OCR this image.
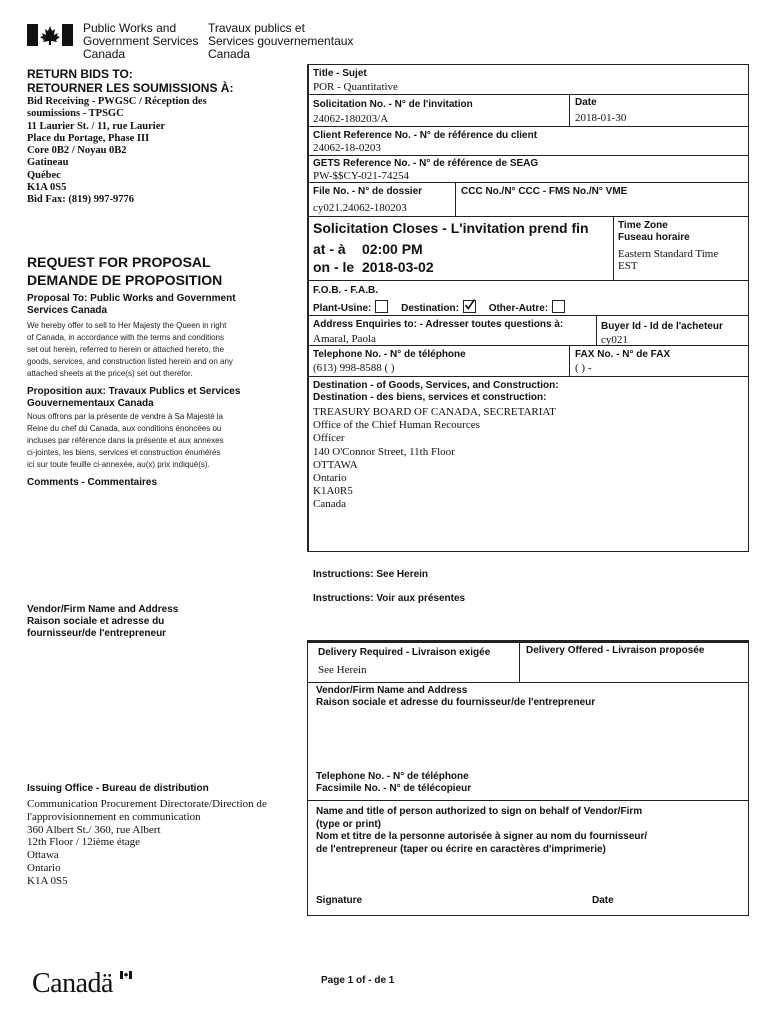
Public Works and
Government Services
Canada
Travaux publics et
Services gouvernementaux
Canada
RETURN BIDS TO:
RETOURNER LES SOUMISSIONS À:
Bid Receiving - PWGSC / Réception des
soumissions - TPSGC
11 Laurier St. / 11, rue Laurier
Place du Portage, Phase III
Core 0B2 / Noyau 0B2
Gatineau
Québec
K1A 0S5
Bid Fax: (819) 997-9776
REQUEST FOR PROPOSAL
DEMANDE DE PROPOSITION
Proposal To: Public Works and Government
Services Canada
We hereby offer to sell to Her Majesty the Queen in right
of Canada, in accordance with the terms and conditions
set out herein, referred to herein or attached hereto, the
goods, services, and construction listed herein and on any
attached sheets at the price(s) set out therefor.
Proposition aux: Travaux Publics et Services
Gouvernementaux Canada
Nous offrons par la présente de vendre à Sa Majesté la
Reine du chef du Canada, aux conditions énoncées ou
incluses par référence dans la présente et aux annexes
ci-jointes, les biens, services et construction énumérés
ici sur toute feuille ci-annexée, au(x) prix indiqué(s).
Comments - Commentaires
Title - Sujet
POR - Quantitative
Solicitation No. - N° de l'invitation
24062-180203/A
Date
2018-01-30
Client Reference No. - N° de référence du client
24062-18-0203
GETS Reference No. - N° de référence de SEAG
PW-$$CY-021-74254
File No. - N° de dossier
cy021.24062-180203
CCC No./N° CCC - FMS No./N° VME
Solicitation Closes - L'invitation prend fin
at - à 02:00 PM
on - le 2018-03-02
Time Zone
Fuseau horaire
Eastern Standard Time
EST
F.O.B. - F.A.B.
Plant-Usine:	Destination:	Other-Autre:
Address Enquiries to: - Adresser toutes questions à:
Amaral, Paola
Buyer Id - Id de l'acheteur
cy021
Telephone No. - N° de téléphone
(613) 998-8588 ( )
FAX No. - N° de FAX
( ) -
Destination - of Goods, Services, and Construction:
Destination - des biens, services et construction:
TREASURY BOARD OF CANADA, SECRETARIAT
Office of the Chief Human Recources
Officer
140 O'Connor Street, 11th Floor
OTTAWA
Ontario
K1A0R5
Canada
Instructions: See Herein
Instructions: Voir aux présentes
Vendor/Firm Name and Address
Raison sociale et adresse du
fournisseur/de l'entrepreneur
Issuing Office - Bureau de distribution
Communication Procurement Directorate/Direction de
l'approvisionnement en communication
360 Albert St./ 360, rue Albert
12th Floor / 12ième étage
Ottawa
Ontario
K1A 0S5
Delivery Required - Livraison exigée
See Herein
Delivery Offered - Livraison proposée
Vendor/Firm Name and Address
Raison sociale et adresse du fournisseur/de l'entrepreneur
Telephone No. - N° de téléphone
Facsimile No. - N° de télécopieur
Name and title of person authorized to sign on behalf of Vendor/Firm
(type or print)
Nom et titre de la personne autorisée à signer au nom du fournisseur/
de l'entrepreneur (taper ou écrire en caractères d'imprimerie)
Signature	Date
Page 1 of - de 1
Canadä
